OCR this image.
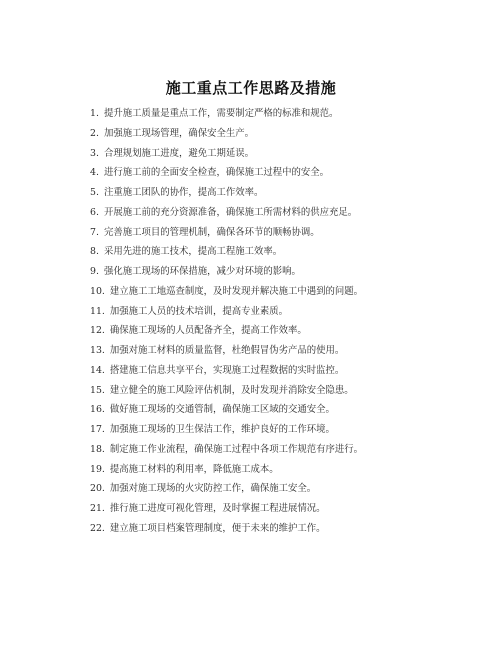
施工重点工作思路及措施
1. 提升施工质量是重点工作，需要制定严格的标准和规范。
2. 加强施工现场管理，确保安全生产。
3. 合理规划施工进度，避免工期延误。
4. 进行施工前的全面安全检查，确保施工过程中的安全。
5. 注重施工团队的协作，提高工作效率。
6. 开展施工前的充分资源准备，确保施工所需材料的供应充足。
7. 完善施工项目的管理机制，确保各环节的顺畅协调。
8. 采用先进的施工技术，提高工程施工效率。
9. 强化施工现场的环保措施，减少对环境的影响。
10. 建立施工工地巡查制度，及时发现并解决施工中遇到的问题。
11. 加强施工人员的技术培训，提高专业素质。
12. 确保施工现场的人员配备齐全，提高工作效率。
13. 加强对施工材料的质量监督，杜绝假冒伪劣产品的使用。
14. 搭建施工信息共享平台，实现施工过程数据的实时监控。
15. 建立健全的施工风险评估机制，及时发现并消除安全隐患。
16. 做好施工现场的交通管制，确保施工区域的交通安全。
17. 加强施工现场的卫生保洁工作，维护良好的工作环境。
18. 制定施工作业流程，确保施工过程中各项工作规范有序进行。
19. 提高施工材料的利用率，降低施工成本。
20. 加强对施工现场的火灾防控工作，确保施工安全。
21. 推行施工进度可视化管理，及时掌握工程进展情况。
22. 建立施工项目档案管理制度，便于未来的维护工作。
